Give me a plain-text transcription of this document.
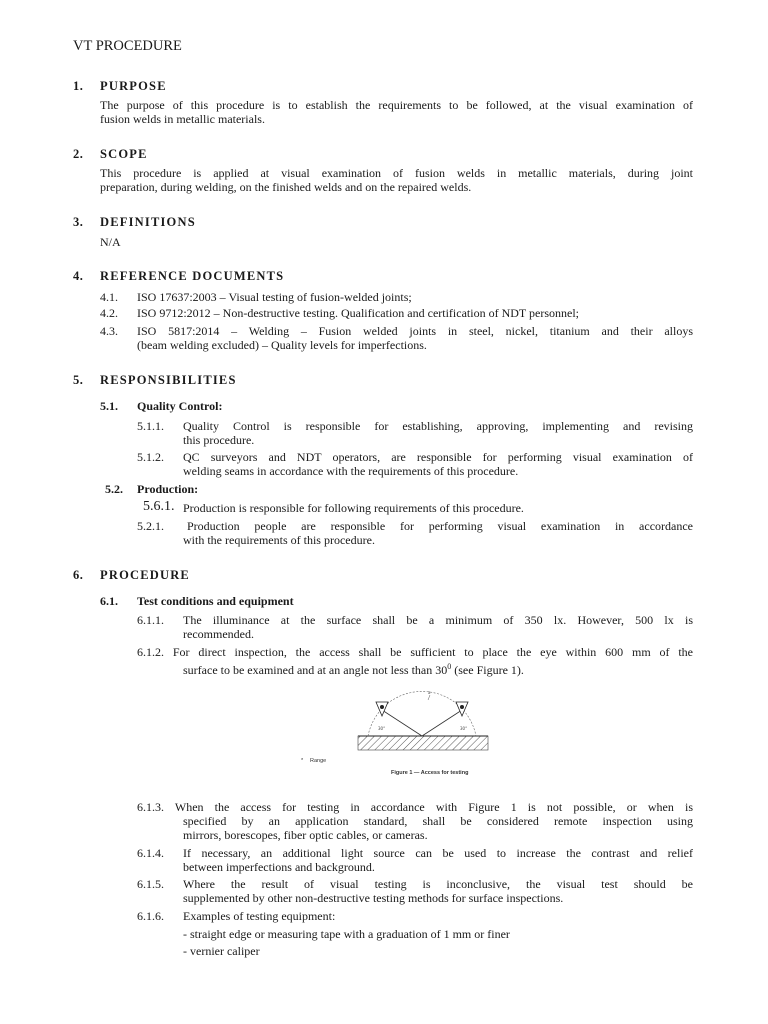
VT PROCEDURE
1. PURPOSE
The purpose of this procedure is to establish the requirements to be followed, at the visual examination of
fusion welds in metallic materials.
2. SCOPE
This procedure is applied at visual examination of fusion welds in metallic materials, during joint
preparation, during welding, on the finished welds and on the repaired welds.
3. DEFINITIONS
N/A
4. REFERENCE DOCUMENTS
4.1. ISO 17637:2003 – Visual testing of fusion-welded joints;
4.2. ISO 9712:2012 – Non-destructive testing. Qualification and certification of NDT personnel;
4.3. ISO 5817:2014 – Welding – Fusion welded joints in steel, nickel, titanium and their alloys
(beam welding excluded) – Quality levels for imperfections.
5. RESPONSIBILITIES
5.1. Quality Control:
5.1.1. Quality Control is responsible for establishing, approving, implementing and revising
this procedure.
5.1.2. QC surveyors and NDT operators, are responsible for performing visual examination of
welding seams in accordance with the requirements of this procedure.
5.2. Production:
5.6.1. Production is responsible for following requirements of this procedure.
5.2.1. Production people are responsible for performing visual examination in accordance
with the requirements of this procedure.
6. PROCEDURE
6.1. Test conditions and equipment
6.1.1. The illuminance at the surface shall be a minimum of 350 lx. However, 500 lx is
recommended.
6.1.2. For direct inspection, the access shall be sufficient to place the eye within 600 mm of the
surface to be examined and at an angle not less than $30^0$ (see Figure 1).
30°	30°
a
* Range
Figure 1 — Access for testing
6.1.3. When the access for testing in accordance with Figure 1 is not possible, or when is
specified by an application standard, shall be considered remote inspection using
mirrors, borescopes, fiber optic cables, or cameras.
6.1.4. If necessary, an additional light source can be used to increase the contrast and relief
between imperfections and background.
6.1.5. Where the result of visual testing is inconclusive, the visual test should be
supplemented by other non-destructive testing methods for surface inspections.
6.1.6. Examples of testing equipment:
- straight edge or measuring tape with a graduation of 1 mm or finer
- vernier caliper
